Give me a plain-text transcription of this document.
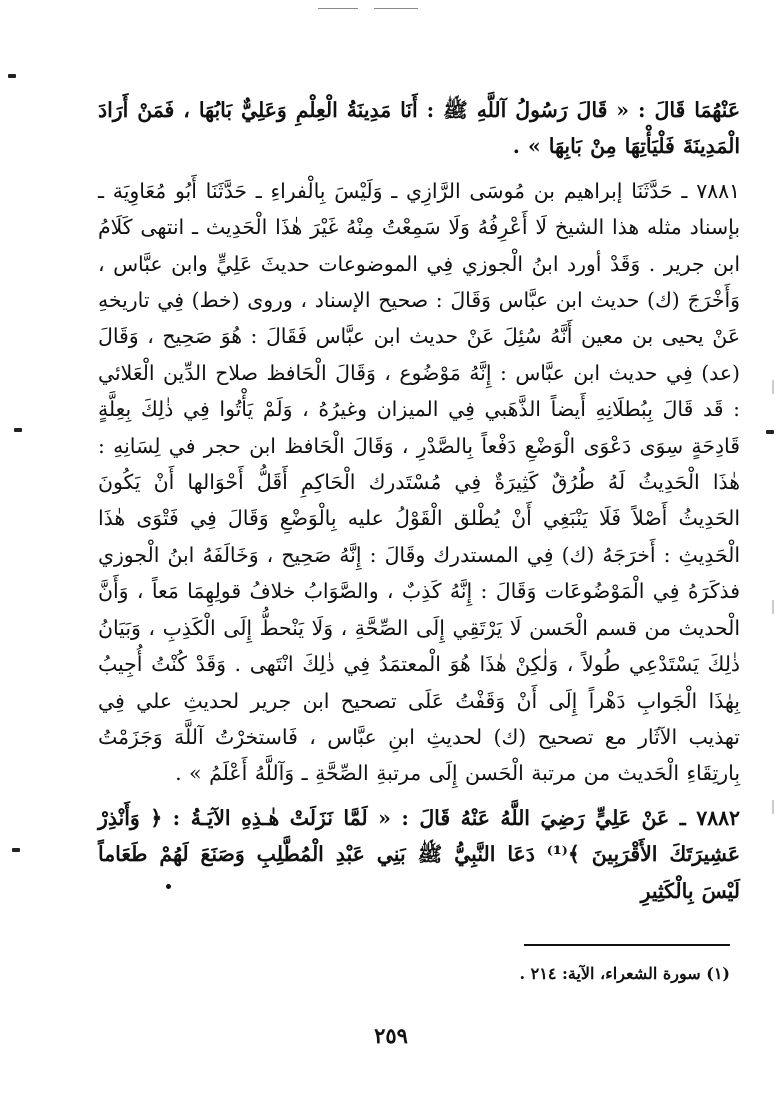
عَنْهُمَا قَالَ : « قَالَ رَسُولُ آللَّهِ ﷺ : أَنَا مَدِينَةُ الْعِلْمِ وَعَلِيٌّ بَابُهَا ، فَمَنْ أَرَادَ الْمَدِينَةَ فَلْيَأْتِهَا مِنْ بَابِهَا » .

٧٨٨١ ـ حَدَّثَنَا إبراهيم بن مُوسَى الرَّازِي ـ وَلَيْسَ بِالْفراءِ ـ حَدَّثَنَا أَبُو مُعَاوِيَة ـ بإسناد مثله هذا الشيخ لَا أَعْرِفُهُ وَلَا سَمِعْتُ مِنْهُ غَيْرَ هٰذَا الْحَدِيث ـ انتهى كَلَامُ ابن جرير . وَقَدْ أورد ابنُ الْجوزي فِي الموضوعات حديثَ عَلِيٍّ وابن عبَّاس ، وَأَخْرَجَ (ك) حديث ابن عبَّاس وَقَالَ : صحيح الإسناد ، وروى (خط) فِي تاريخهِ عَنْ يحيى بن معين أَنَّهُ سُئِلَ عَنْ حديث ابن عبَّاس فَقَالَ : هُوَ صَحِيح ، وَقَالَ (عد) فِي حديث ابن عبَّاس : إِنَّهُ مَوْضُوع ، وَقَالَ الْحَافظ صلاح الدِّين الْعَلائي : قَد قَالَ بِبُطلَانِهِ أَيضاً الذَّهَبي فِي الميزان وغيرُهُ ، وَلَمْ يَأْتُوا فِي ذٰلِكَ بِعِلَّةٍ قَادِحَةٍ سِوَى دَعْوَى الْوَضْعِ دَفْعاً بِالصَّدْرِ ، وَقَالَ الْحَافظ ابن حجر في لِسَانِهِ : هٰذَا الْحَدِيثُ لَهُ طُرُقٌ كَثِيرَةٌ فِي مُسْتَدرك الْحَاكِمِ أَقَلُّ أَحْوَالها أَنْ يَكُونَ الحَدِيثُ أَصْلاً فَلَا يَنْبَغِي أَنْ يُطْلق الْقَوْلُ عليه بِالْوَضْعِ وَقَالَ فِي فَتْوَى هٰذَا الْحَدِيثِ : أَخرَجَهُ (ك) فِي المستدرك وقَالَ : إِنَّهُ صَحِيح ، وَخَالَفَهُ ابنُ الْجوزي فذكَرَهُ فِي الْمَوْضُوعَات وَقَالَ : إِنَّهُ كَذِبٌ ، والصَّوَابُ خلافُ قولِهِمَا مَعاً ، وَأَنَّ الْحديث من قسم الْحَسن لَا يَرْتَقِي إِلَى الصِّحَّةِ ، وَلَا يَنْحطُّ إِلَى الْكَذِبِ ، وَبَيَانُ ذٰلِكَ يَسْتَدْعِي طُولاً ، وَلٰكِنْ هٰذَا هُوَ الْمعتمَدُ فِي ذٰلِكَ انْتَهى . وَقَدْ كُنْتُ أُجِيبُ بِهٰذَا الْجَوابِ دَهْراً إِلَى أَنْ وَقَفْتُ عَلَى تصحيح ابن جرير لحديثِ علي فِي تهذيب الآثَار مع تصحيح (ك) لحديثِ ابنِ عبَّاس ، فَاستخرْتُ آللَّهَ وَجَزَمْتُ بِارتِقَاءِ الْحَديث من مرتبة الْحَسن إِلَى مرتبةِ الصِّحَّةِ ـ وَآللَّهُ أَعْلَمُ » .

٧٨٨٢ ـ عَنْ عَلِيٍّ رَضِيَ اللَّهُ عَنْهُ قَالَ : « لَمَّا نَزَلَتْ هٰـذِهِ الآيَـةُ : ﴿ وَأَنْذِرْ عَشِيرَتَكَ الأَقْرَبِينَ ﴾⁽¹⁾ دَعَا النَّبِيُّ ﷺ بَنِي عَبْدِ الْمُطَّلِبِ وَصَنَعَ لَهُمْ طَعَاماً لَيْسَ بِالْكَثِيرِ

(١) سورة الشعراء، الآية: ٢١٤ .
٢٥٩
